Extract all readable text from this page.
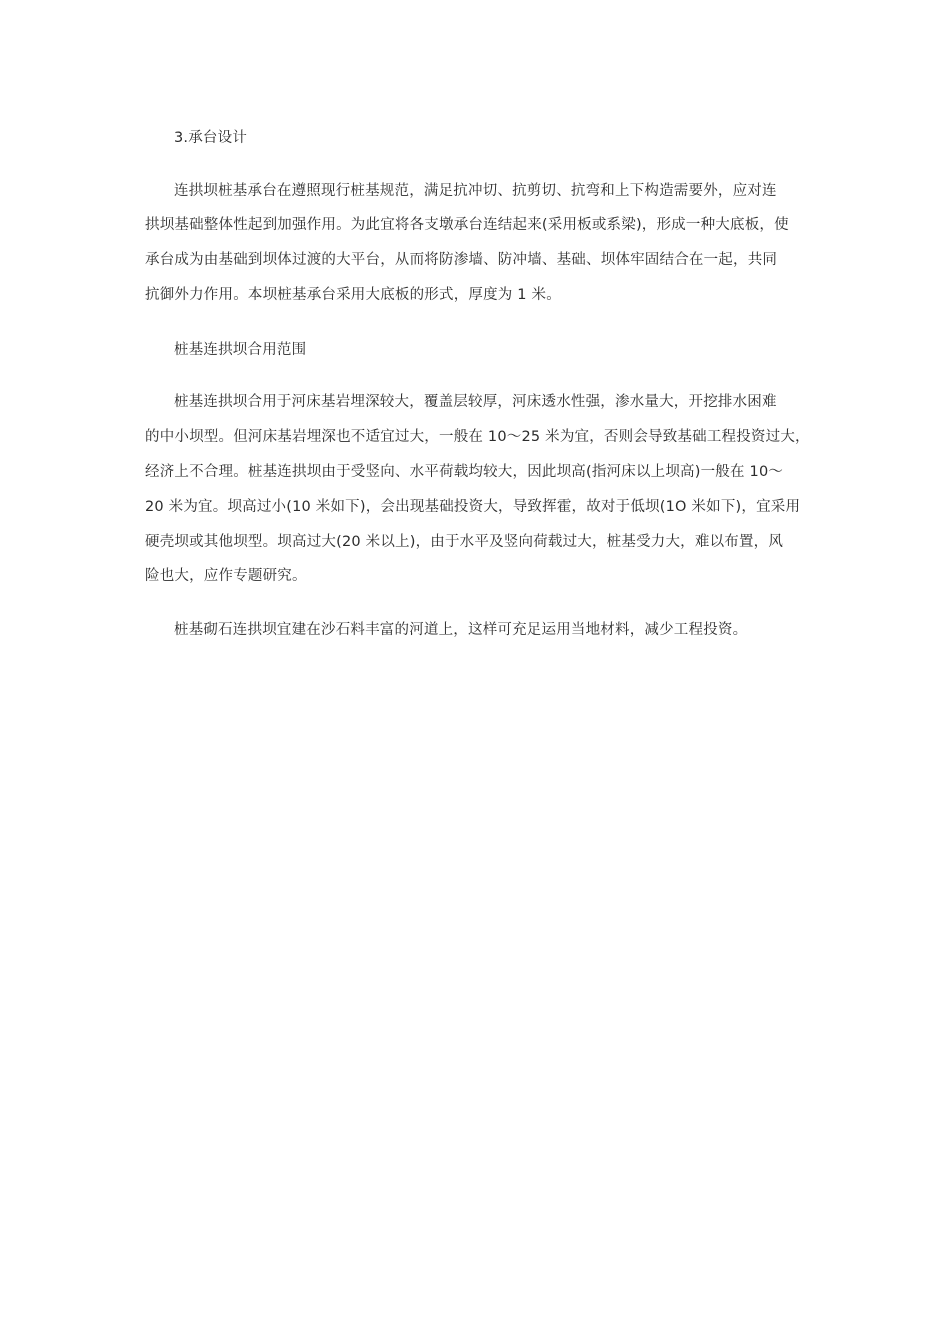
3.承台设计

连拱坝桩基承台在遵照现行桩基规范，满足抗冲切、抗剪切、抗弯和上下构造需要外，应对连

拱坝基础整体性起到加强作用。为此宜将各支墩承台连结起来(采用板或系梁)，形成一种大底板，使

承台成为由基础到坝体过渡的大平台，从而将防渗墙、防冲墙、基础、坝体牢固结合在一起，共同

抗御外力作用。本坝桩基承台采用大底板的形式，厚度为 1 米。

桩基连拱坝合用范围

桩基连拱坝合用于河床基岩埋深较大，覆盖层较厚，河床透水性强，渗水量大，开挖排水困难

的中小坝型。但河床基岩埋深也不适宜过大，一般在 10～25 米为宜，否则会导致基础工程投资过大，

经济上不合理。桩基连拱坝由于受竖向、水平荷载均较大，因此坝高(指河床以上坝高)一般在 10～

20 米为宜。坝高过小(10 米如下)，会出现基础投资大，导致挥霍，故对于低坝(1O 米如下)，宜采用

硬壳坝或其他坝型。坝高过大(20 米以上)，由于水平及竖向荷载过大，桩基受力大，难以布置，风

险也大，应作专题研究。

桩基砌石连拱坝宜建在沙石料丰富的河道上，这样可充足运用当地材料，减少工程投资。
